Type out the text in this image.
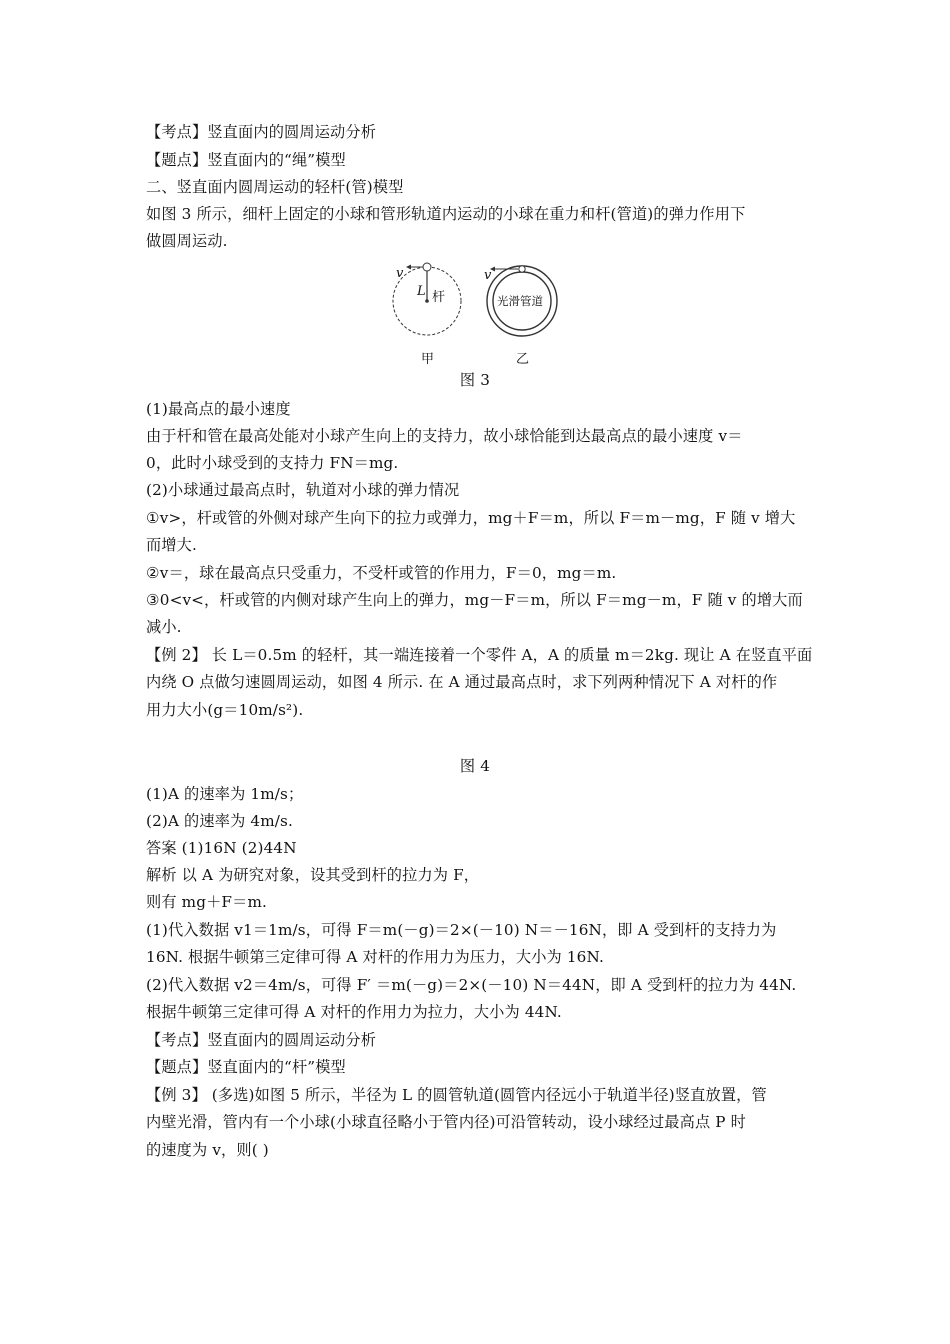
【考点】竖直面内的圆周运动分析
【题点】竖直面内的“绳”模型
二、竖直面内圆周运动的轻杆(管)模型
如图 3 所示，细杆上固定的小球和管形轨道内运动的小球在重力和杆(管道)的弹力作用下
做圆周运动.
v
L 杆
v
光滑管道
甲	乙
图 3
(1)最高点的最小速度
由于杆和管在最高处能对小球产生向上的支持力，故小球恰能到达最高点的最小速度 v＝
0，此时小球受到的支持力 FN＝mg.
(2)小球通过最高点时，轨道对小球的弹力情况
①v>，杆或管的外侧对球产生向下的拉力或弹力，mg＋F＝m，所以 F＝m－mg，F 随 v 增大
而增大.
②v＝，球在最高点只受重力，不受杆或管的作用力，F＝0，mg＝m.
③0<v<，杆或管的内侧对球产生向上的弹力，mg－F＝m，所以 F＝mg－m，F 随 v 的增大而
减小.
【例 2】 长 L＝0.5m 的轻杆，其一端连接着一个零件 A，A 的质量 m＝2kg. 现让 A 在竖直平面
内绕 O 点做匀速圆周运动，如图 4 所示. 在 A 通过最高点时，求下列两种情况下 A 对杆的作
用力大小(g＝10m/s²).
图 4
(1)A 的速率为 1m/s；
(2)A 的速率为 4m/s.
答案 (1)16N (2)44N
解析 以 A 为研究对象，设其受到杆的拉力为 F，
则有 mg＋F＝m.
(1)代入数据 v1＝1m/s，可得 F＝m(－g)＝2×(－10) N＝－16N，即 A 受到杆的支持力为
16N. 根据牛顿第三定律可得 A 对杆的作用力为压力，大小为 16N.
(2)代入数据 v2＝4m/s，可得 F′ ＝m(－g)＝2×(－10) N＝44N，即 A 受到杆的拉力为 44N.
根据牛顿第三定律可得 A 对杆的作用力为拉力，大小为 44N.
【考点】竖直面内的圆周运动分析
【题点】竖直面内的“杆”模型
【例 3】 (多选)如图 5 所示，半径为 L 的圆管轨道(圆管内径远小于轨道半径)竖直放置，管
内壁光滑，管内有一个小球(小球直径略小于管内径)可沿管转动，设小球经过最高点 P 时
的速度为 v，则( )
